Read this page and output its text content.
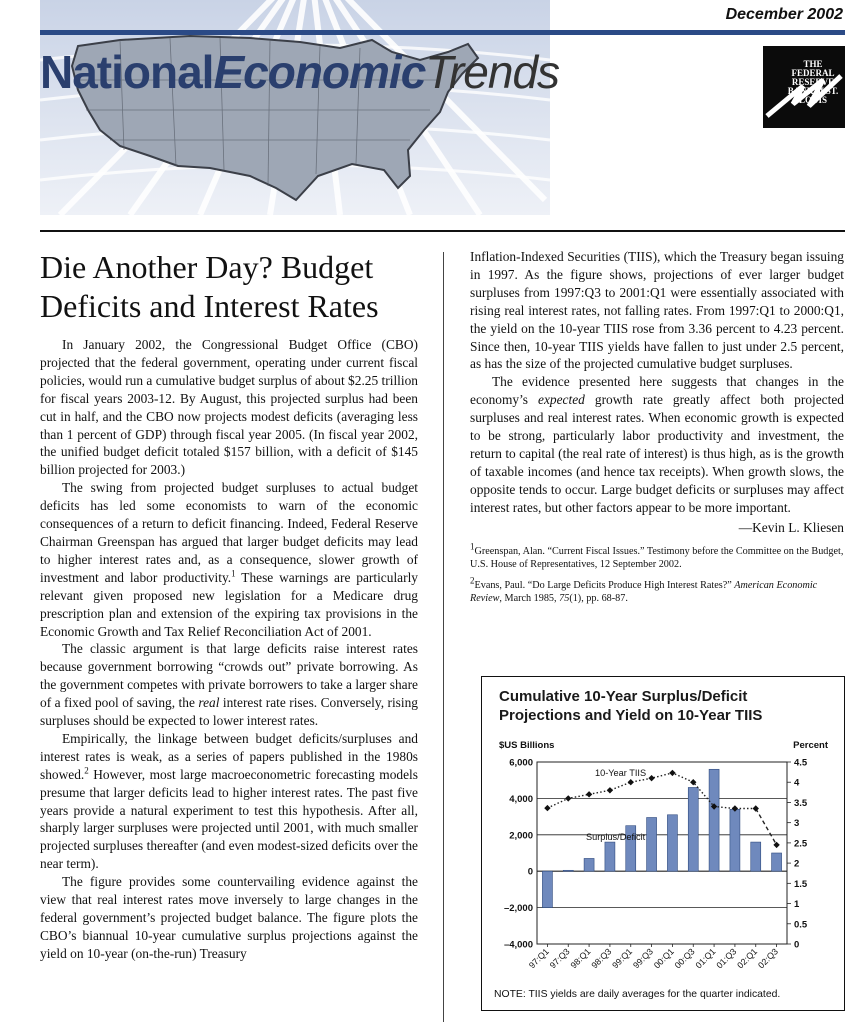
December 2002
NationalEconomicTrends	THE FEDERAL RESERVE BANK of ST. LOUIS
Die Another Day? Budget Deficits and Interest Rates

In January 2002, the Congressional Budget Office (CBO) projected that the federal government, operating under current fiscal policies, would run a cumulative budget surplus of about $2.25 trillion for fiscal years 2003-12. By August, this projected surplus had been cut in half, and the CBO now projects modest deficits (averaging less than 1 percent of GDP) through fiscal year 2005. (In fiscal year 2002, the unified budget deficit totaled $157 billion, with a deficit of $145 billion projected for 2003.)

The swing from projected budget surpluses to actual budget deficits has led some economists to warn of the economic consequences of a return to deficit financing. Indeed, Federal Reserve Chairman Greenspan has argued that larger budget deficits may lead to higher interest rates and, as a consequence, slower growth of investment and labor productivity.$^1$ These warnings are particularly relevant given proposed new legislation for a Medicare drug prescription plan and extension of the expiring tax provisions in the Economic Growth and Tax Relief Reconciliation Act of 2001.

The classic argument is that large deficits raise interest rates because government borrowing “crowds out” private borrowing. As the government competes with private borrowers to take a larger share of a fixed pool of saving, the real interest rate rises. Conversely, rising surpluses should be expected to lower interest rates.

Empirically, the linkage between budget deficits/surpluses and interest rates is weak, as a series of papers published in the 1980s showed.$^2$ However, most large macroeconometric forecasting models presume that larger deficits lead to higher interest rates. The past five years provide a natural experiment to test this hypothesis. After all, sharply larger surpluses were projected until 2001, with much smaller projected surpluses thereafter (and even modest-sized deficits over the near term).

The figure provides some countervailing evidence against the view that real interest rates move inversely to large changes in the federal government’s projected budget balance. The figure plots the CBO’s biannual 10-year cumulative surplus projections against the yield on 10-year (on-the-run) Treasury

Inflation-Indexed Securities (TIIS), which the Treasury began issuing in 1997. As the figure shows, projections of ever larger budget surpluses from 1997:Q3 to 2001:Q1 were essentially associated with rising real interest rates, not falling rates. From 1997:Q1 to 2000:Q1, the yield on the 10-year TIIS rose from 3.36 percent to 4.23 percent. Since then, 10-year TIIS yields have fallen to just under 2.5 percent, as has the size of the projected cumulative budget surpluses.

The evidence presented here suggests that changes in the economy’s expected growth rate greatly affect both projected surpluses and real interest rates. When economic growth is expected to be strong, particularly labor productivity and investment, the return to capital (the real rate of interest) is thus high, as is the growth of taxable incomes (and hence tax receipts). When growth slows, the opposite tends to occur. Large budget deficits or surpluses may affect interest rates, but other factors appear to be more important.

—Kevin L. Kliesen

$^1$Greenspan, Alan. “Current Fiscal Issues.” Testimony before the Committee on the Budget, U.S. House of Representatives, 12 September 2002.

$^2$Evans, Paul. “Do Large Deficits Produce High Interest Rates?” American Economic Review, March 1985, 75(1), pp. 68-87.

Cumulative 10-Year Surplus/Deficit Projections and Yield on 10-Year TIIS
$US Billions	Percent
6,000
4,000
2,000
0
–2,000
–4,000
4.5
4
3.5
3
2.5
2
1.5
1
0.5
0
97:Q1
97:Q3
98:Q1
98:Q3
99:Q1
99:Q3
00:Q1
00:Q3
01:Q1
01:Q3
02:Q1
02:Q3
10-Year TIIS
Surplus/Deficit
NOTE: TIIS yields are daily averages for the quarter indicated.
